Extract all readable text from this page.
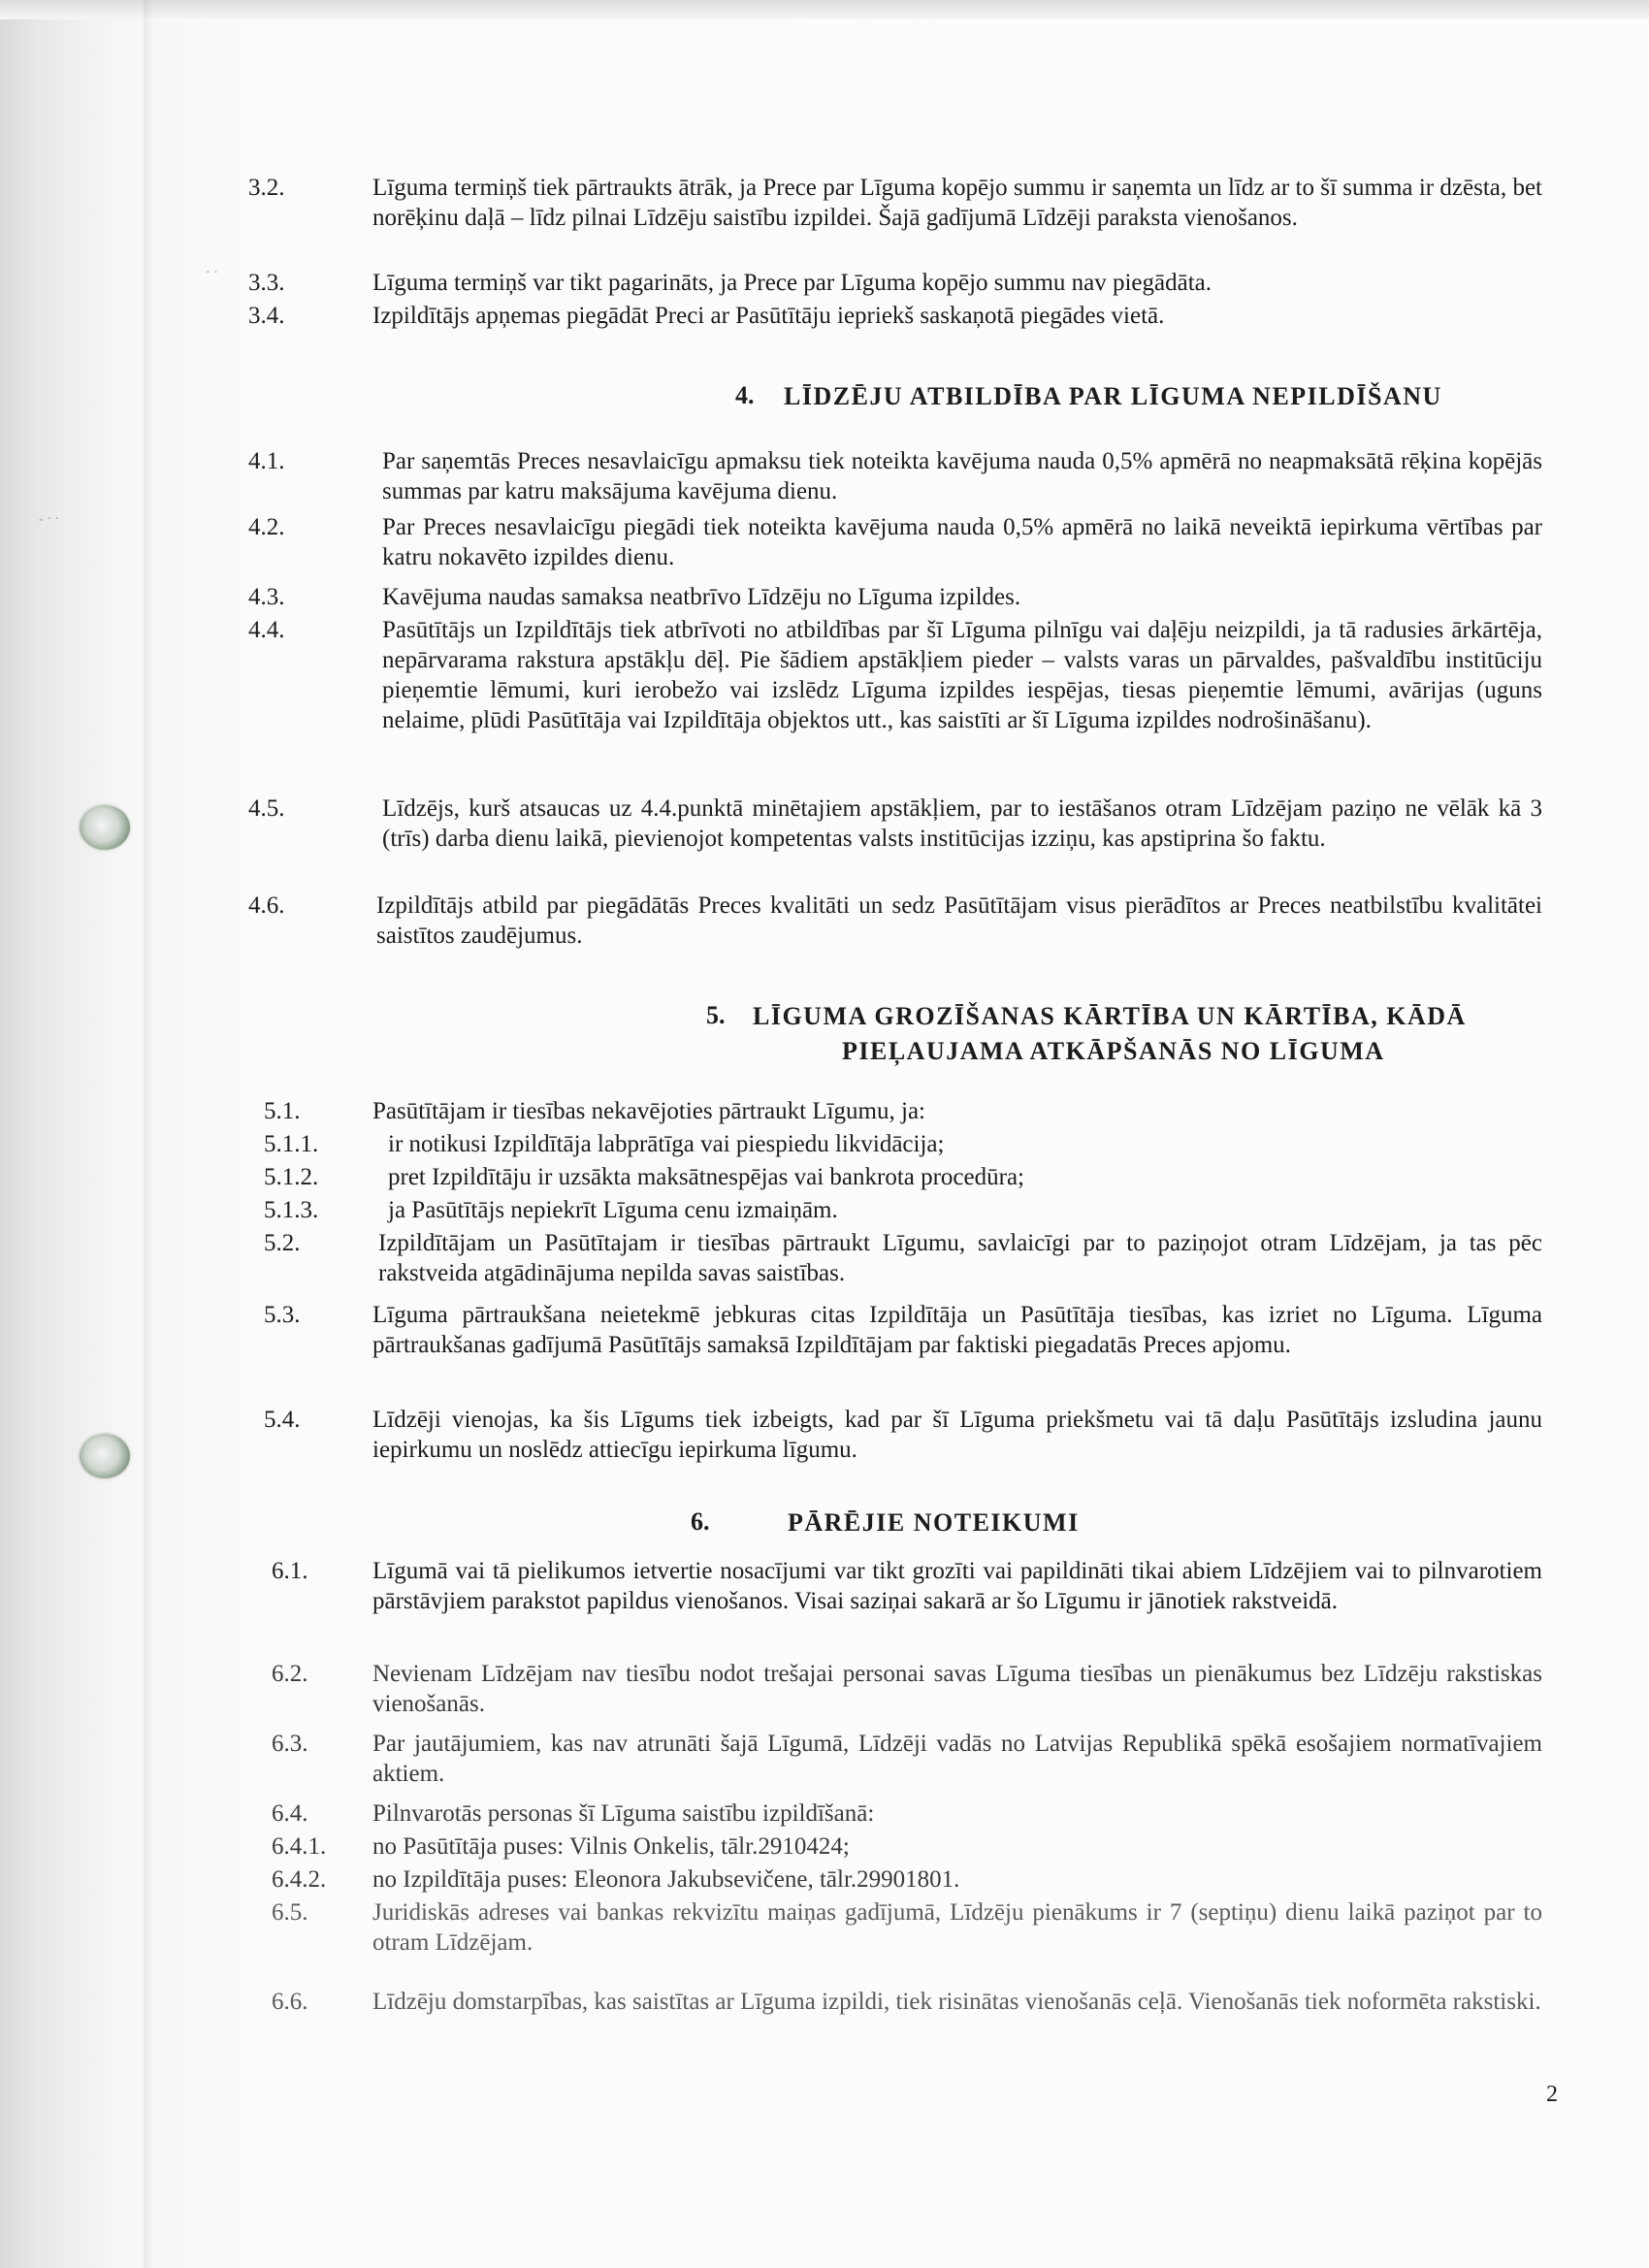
- · ·
· ·
3.2.	Līguma termiņš tiek pārtraukts ātrāk, ja Prece par Līguma kopējo summu ir saņemta un līdz ar to šī summa ir dzēsta, bet norēķinu daļā – līdz pilnai Līdzēju saistību izpildei. Šajā gadījumā Līdzēji paraksta vienošanos.
3.3.	Līguma termiņš var tikt pagarināts, ja Prece par Līguma kopējo summu nav piegādāta.
3.4.	Izpildītājs apņemas piegādāt Preci ar Pasūtītāju iepriekš saskaņotā piegādes vietā.
4. LĪDZĒJU ATBILDĪBA PAR LĪGUMA NEPILDĪŠANU
4.1.	Par saņemtās Preces nesavlaicīgu apmaksu tiek noteikta kavējuma nauda 0,5% apmērā no neapmaksātā rēķina kopējās summas par katru maksājuma kavējuma dienu.
4.2.	Par Preces nesavlaicīgu piegādi tiek noteikta kavējuma nauda 0,5% apmērā no laikā neveiktā iepirkuma vērtības par katru nokavēto izpildes dienu.
4.3.	Kavējuma naudas samaksa neatbrīvo Līdzēju no Līguma izpildes.
4.4.	Pasūtītājs un Izpildītājs tiek atbrīvoti no atbildības par šī Līguma pilnīgu vai daļēju neizpildi, ja tā radusies ārkārtēja, nepārvarama rakstura apstākļu dēļ. Pie šādiem apstākļiem pieder – valsts varas un pārvaldes, pašvaldību institūciju pieņemtie lēmumi, kuri ierobežo vai izslēdz Līguma izpildes iespējas, tiesas pieņemtie lēmumi, avārijas (uguns nelaime, plūdi Pasūtītāja vai Izpildītāja objektos utt., kas saistīti ar šī Līguma izpildes nodrošināšanu).
4.5.	Līdzējs, kurš atsaucas uz 4.4.punktā minētajiem apstākļiem, par to iestāšanos otram Līdzējam paziņo ne vēlāk kā 3 (trīs) darba dienu laikā, pievienojot kompetentas valsts institūcijas izziņu, kas apstiprina šo faktu.
4.6.	Izpildītājs atbild par piegādātās Preces kvalitāti un sedz Pasūtītājam visus pierādītos ar Preces neatbilstību kvalitātei saistītos zaudējumus.
5. LĪGUMA GROZĪŠANAS KĀRTĪBA UN KĀRTĪBA, KĀDĀ
PIEĻAUJAMA ATKĀPŠANĀS NO LĪGUMA
5.1.	Pasūtītājam ir tiesības nekavējoties pārtraukt Līgumu, ja:
5.1.1.	ir notikusi Izpildītāja labprātīga vai piespiedu likvidācija;
5.1.2.	pret Izpildītāju ir uzsākta maksātnespējas vai bankrota procedūra;
5.1.3.	ja Pasūtītājs nepiekrīt Līguma cenu izmaiņām.
5.2.	Izpildītājam un Pasūtītajam ir tiesības pārtraukt Līgumu, savlaicīgi par to paziņojot otram Līdzējam, ja tas pēc rakstveida atgādinājuma nepilda savas saistības.
5.3.	Līguma pārtraukšana neietekmē jebkuras citas Izpildītāja un Pasūtītāja tiesības, kas izriet no Līguma. Līguma pārtraukšanas gadījumā Pasūtītājs samaksā Izpildītājam par faktiski piegadatās Preces apjomu.
5.4.	Līdzēji vienojas, ka šis Līgums tiek izbeigts, kad par šī Līguma priekšmetu vai tā daļu Pasūtītājs izsludina jaunu iepirkumu un noslēdz attiecīgu iepirkuma līgumu.
6.	PĀRĒJIE NOTEIKUMI
6.1.	Līgumā vai tā pielikumos ietvertie nosacījumi var tikt grozīti vai papildināti tikai abiem Līdzējiem vai to pilnvarotiem pārstāvjiem parakstot papildus vienošanos. Visai saziņai sakarā ar šo Līgumu ir jānotiek rakstveidā.
6.2.	Nevienam Līdzējam nav tiesību nodot trešajai personai savas Līguma tiesības un pienākumus bez Līdzēju rakstiskas vienošanās.
6.3.	Par jautājumiem, kas nav atrunāti šajā Līgumā, Līdzēji vadās no Latvijas Republikā spēkā esošajiem normatīvajiem aktiem.
6.4.	Pilnvarotās personas šī Līguma saistību izpildīšanā:
6.4.1. no Pasūtītāja puses: Vilnis Onkelis, tālr.2910424;
6.4.2. no Izpildītāja puses: Eleonora Jakubsevičene, tālr.29901801.
6.5.	Juridiskās adreses vai bankas rekvizītu maiņas gadījumā, Līdzēju pienākums ir 7 (septiņu) dienu laikā paziņot par to otram Līdzējam.
6.6.	Līdzēju domstarpības, kas saistītas ar Līguma izpildi, tiek risinātas vienošanās ceļā. Vienošanās tiek noformēta rakstiski.
2
